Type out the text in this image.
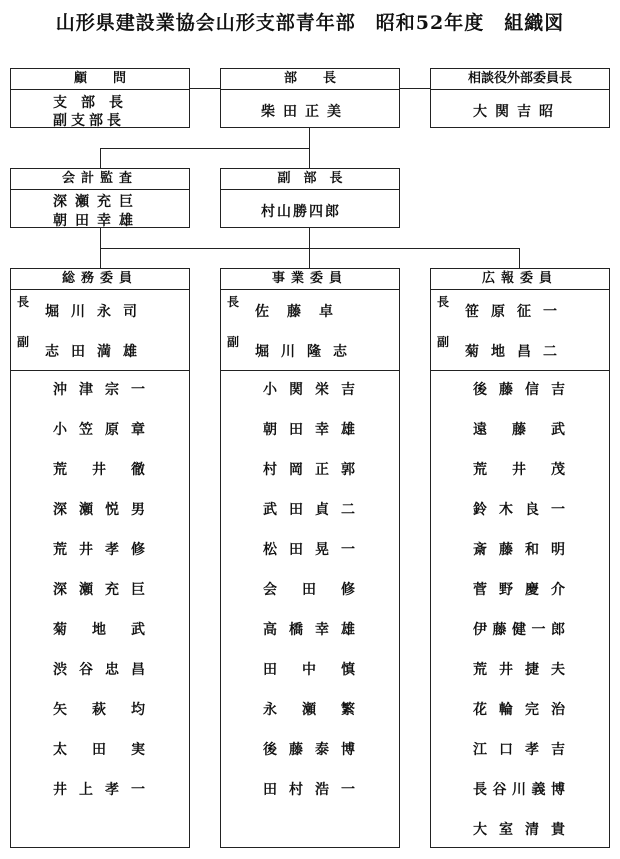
山形県建設業協会山形支部青年部　昭和52年度　組織図
顧　　問
支　部　長
副支部長
部　　長
柴田正美
相談役外部委員長
大関吉昭
会計監査
深瀬充巨
朝田幸雄
副　部　長
村山勝四郎
総務委員
長
堀川永司
副
志田満雄
沖 津 宗 一
小 笠 原 章
荒 井 徹
深 瀬 悦 男
荒 井 孝 修
深 瀬 充 巨
菊 地 武
渋 谷 忠 昌
矢 萩 均
太 田 実
井 上 孝 一
事業委員
長
佐藤卓
副
堀川隆志
小 関 栄 吉
朝 田 幸 雄
村 岡 正 郭
武 田 貞 二
松 田 晃 一
会 田 修
高 橋 幸 雄
田 中 慎
永 瀬 繁
後 藤 泰 博
田 村 浩 一
広報委員
長
笹原征一
副
菊地昌二
後 藤 信 吉
遠 藤 武
荒 井 茂
鈴 木 良 一
斎 藤 和 明
菅 野 慶 介
伊 藤 健 一 郎
荒 井 捷 夫
花 輪 完 治
江 口 孝 吉
長 谷 川 義 博
大 室 清 貴
